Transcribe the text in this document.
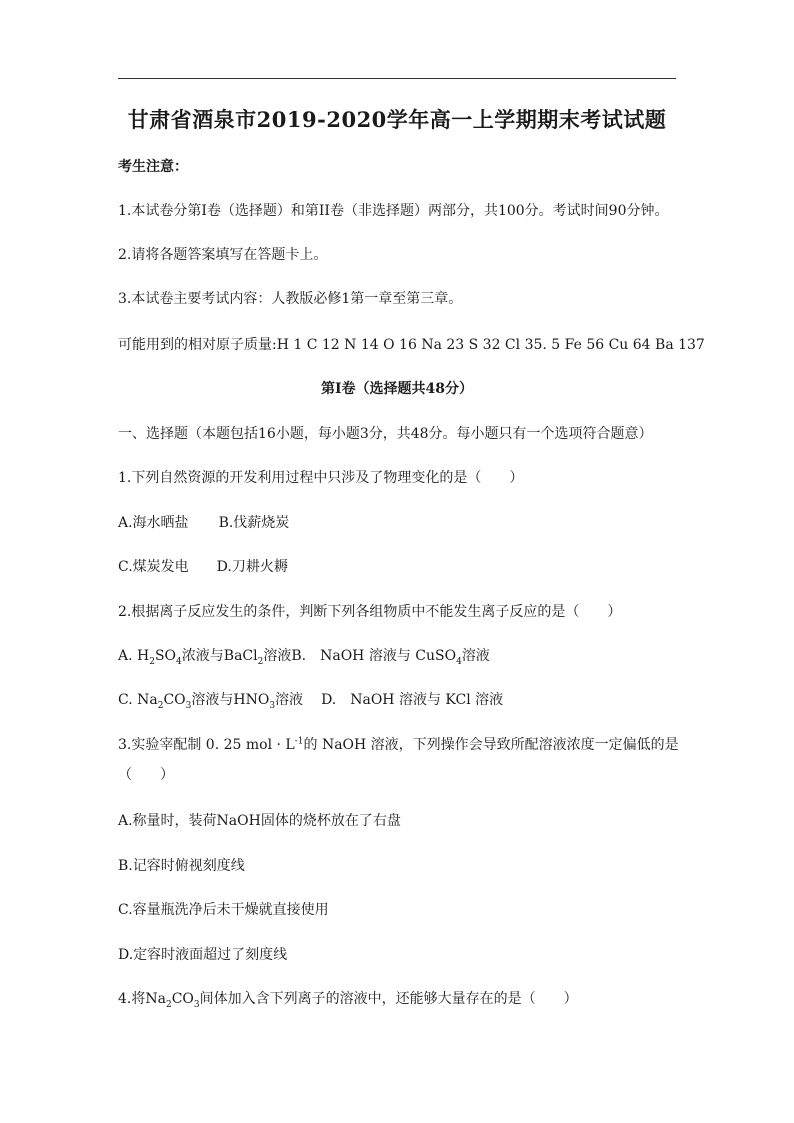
甘肃省酒泉市2019-2020学年高一上学期期末考试试题
考生注意：
1.本试卷分第I卷（选择题）和第II卷（非选择题）两部分，共100分。考试时间90分钟。
2.请将各题答案填写在答题卡上。
3.本试卷主要考试内容：人教版必修1第一章至第三章。
可能用到的相对原子质量:H 1 C 12 N 14 O 16 Na 23 S 32 Cl 35. 5 Fe 56 Cu 64 Ba 137
第I卷（选择题共48分）
一、选择题（本题包括16小题，每小题3分，共48分。每小题只有一个选项符合题意）
1.下列自然资源的开发利用过程中只涉及了物理变化的是（　　）
A.海水晒盐 B.伐薪烧炭
C.煤炭发电 D.刀耕火耨
2.根据离子反应发生的条件，判断下列各组物质中不能发生离子反应的是（　　）
A. $H_2SO_4$浓液与BaCl$_2$溶液B. NaOH 溶液与 CuSO$_4$溶液
C. $Na_2CO_3$溶液与$HNO_3$溶液 D.　NaOH 溶液与 KCl 溶液
3.实验宰配制 0. 25 mol · $L^{-1}$的 NaOH 溶液，下列操作会导致所配溶液浓度一定偏低的是
（　　）
A.称量时，装荷NaOH固体的烧杯放在了右盘
B.记容时俯视刻度线
C.容量瓶洗净后未干燥就直接使用
D.定容时液面超过了刻度线
4.将$Na_2CO_3$间体加入含下列离子的溶液中，还能够大量存在的是（　　）
